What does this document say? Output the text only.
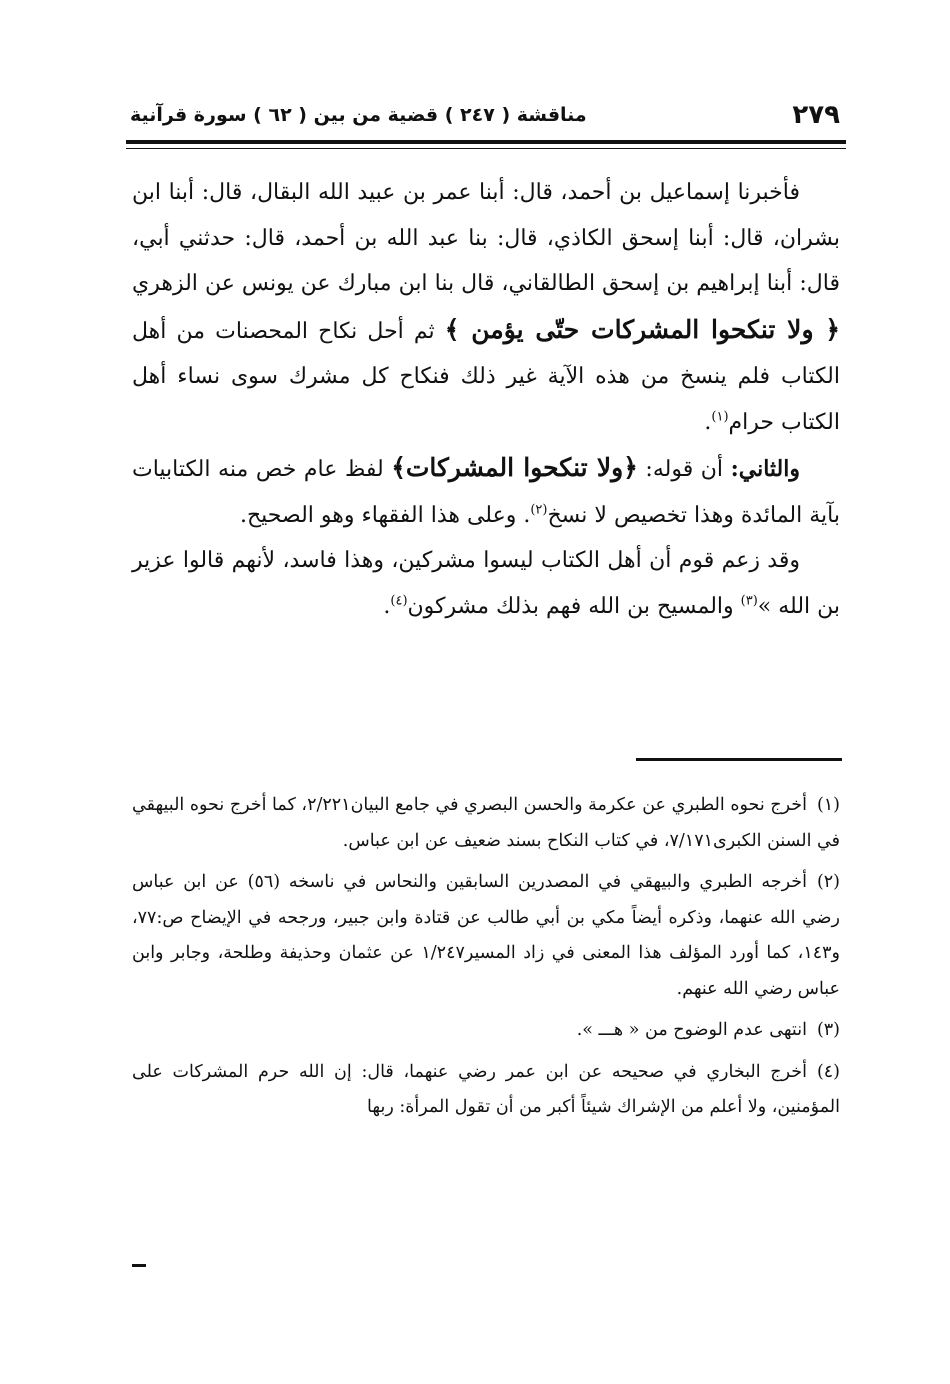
٢٧٩
مناقشة ( ٢٤٧ ) قضية من بين ( ٦٢ ) سورة قرآنية

فأخبرنا إسماعيل بن أحمد، قال: أبنا عمر بن عبيد الله البقال، قال: أبنا ابن بشران، قال: أبنا إسحق الكاذي، قال: بنا عبد الله بن أحمد، قال: حدثني أبي، قال: أبنا إبراهيم بن إسحق الطالقاني، قال بنا ابن مبارك عن يونس عن الزهري ﴿ ولا تنكحوا المشركات حتّى يؤمن ﴾ ثم أحل نكاح المحصنات من أهل الكتاب فلم ينسخ من هذه الآية غير ذلك فنكاح كل مشرك سوى نساء أهل الكتاب حرام$^{(١)}$.

والثاني: أن قوله: ﴿ولا تنكحوا المشركات﴾ لفظ عام خص منه الكتابيات بآية المائدة وهذا تخصيص لا نسخ$^{(٢)}$. وعلى هذا الفقهاء وهو الصحيح.

وقد زعم قوم أن أهل الكتاب ليسوا مشركين، وهذا فاسد، لأنهم قالوا عزير بن الله »$^{(٣)}$ والمسيح بن الله فهم بذلك مشركون$^{(٤)}$.

(١)أخرج نحوه الطبري عن عكرمة والحسن البصري في جامع البيان٢/٢٢١، كما أخرج نحوه البيهقي في السنن الكبرى٧/١٧١، في كتاب النكاح بسند ضعيف عن ابن عباس.

(٢)أخرجه الطبري والبيهقي في المصدرين السابقين والنحاس في ناسخه (٥٦) عن ابن عباس رضي الله عنهما، وذكره أيضاً مكي بن أبي طالب عن قتادة وابن جبير، ورجحه في الإيضاح ص:٧٧، و١٤٣، كما أورد المؤلف هذا المعنى في زاد المسير١/٢٤٧ عن عثمان وحذيفة وطلحة، وجابر وابن عباس رضي الله عنهم.

(٣)انتهى عدم الوضوح من « هـــ ».

(٤)أخرج البخاري في صحيحه عن ابن عمر رضي عنهما، قال: إن الله حرم المشركات على المؤمنين، ولا أعلم من الإشراك شيئاً أكبر من أن تقول المرأة: ربها
